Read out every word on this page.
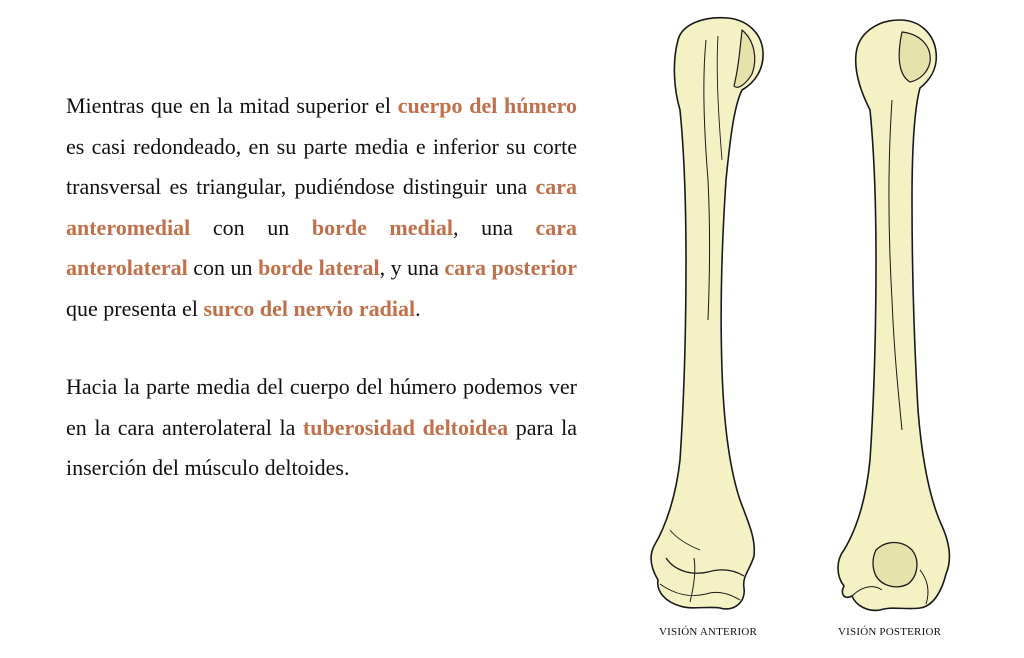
Mientras que en la mitad superior el cuerpo del húmero es casi redondeado, en su parte media e inferior su corte transversal es triangular, pudiéndose distinguir una cara anteromedial con un borde medial, una cara anterolateral con un borde lateral, y una cara posterior que presenta el surco del nervio radial.

Hacia la parte media del cuerpo del húmero podemos ver en la cara anterolateral la tuberosidad deltoidea para la inserción del músculo deltoides.

VISIÓN ANTERIOR	VISIÓN POSTERIOR
